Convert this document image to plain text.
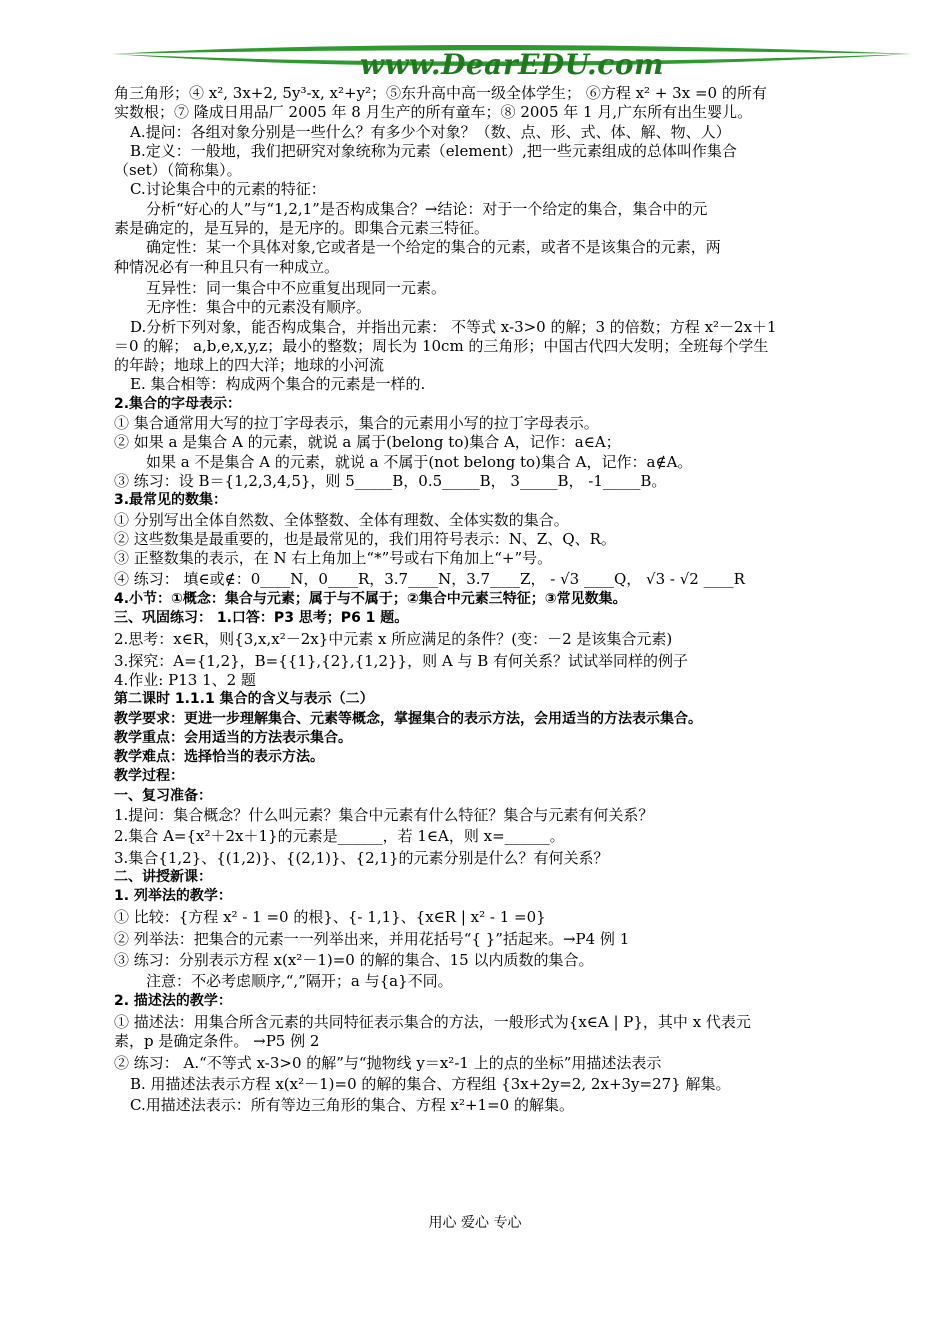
www.DearEDU.com
角三角形；④ x², 3x+2, 5y³-x, x²+y²；⑤东升高中高一级全体学生； ⑥方程 x² + 3x =0 的所有
实数根；⑦ 隆成日用品厂 2005 年 8 月生产的所有童车；⑧ 2005 年 1 月,广东所有出生婴儿。
A.提问：各组对象分别是一些什么？有多少个对象？（数、点、形、式、体、解、物、人）
B.定义：一般地，我们把研究对象统称为元素（element）,把一些元素组成的总体叫作集合
（set）（简称集）。
C.讨论集合中的元素的特征：
分析“好心的人”与“1,2,1”是否构成集合？→结论：对于一个给定的集合，集合中的元
素是确定的，是互异的，是无序的。即集合元素三特征。
确定性：某一个具体对象,它或者是一个给定的集合的元素，或者不是该集合的元素，两
种情况必有一种且只有一种成立。
互异性：同一集合中不应重复出现同一元素。
无序性：集合中的元素没有顺序。
D.分析下列对象，能否构成集合，并指出元素： 不等式 x-3>0 的解；3 的倍数；方程 x²－2x＋1
＝0 的解； a,b,e,x,y,z；最小的整数；周长为 10cm 的三角形；中国古代四大发明；全班每个学生
的年龄；地球上的四大洋；地球的小河流
E. 集合相等：构成两个集合的元素是一样的.
2.集合的字母表示：
① 集合通常用大写的拉丁字母表示，集合的元素用小写的拉丁字母表示。
② 如果 a 是集合 A 的元素，就说 a 属于(belong to)集合 A，记作：a∈A；
如果 a 不是集合 A 的元素，就说 a 不属于(not belong to)集合 A，记作：a∉A。
③ 练习：设 B＝{1,2,3,4,5}，则 5_____B，0.5_____B， 3_____B， -1_____B。
3.最常见的数集：
① 分别写出全体自然数、全体整数、全体有理数、全体实数的集合。
② 这些数集是最重要的，也是最常见的，我们用符号表示：N、Z、Q、R。
③ 正整数集的表示，在 N 右上角加上“*”号或右下角加上“+”号。
④ 练习： 填∈或∉：0____N，0____R，3.7____N，3.7____Z， - √3 ____Q， √3 - √2 ____R
4.小节：①概念：集合与元素；属于与不属于；②集合中元素三特征；③常见数集。
三、巩固练习： 1.口答：P3 思考；P6 1 题。
2.思考：x∈R，则{3,x,x²－2x}中元素 x 所应满足的条件？(变：－2 是该集合元素)
3.探究：A={1,2}，B={{1},{2},{1,2}}，则 A 与 B 有何关系？试试举同样的例子
4.作业: P13 1、2 题
第二课时 1.1.1 集合的含义与表示（二）
教学要求：更进一步理解集合、元素等概念，掌握集合的表示方法，会用适当的方法表示集合。
教学重点：会用适当的方法表示集合。
教学难点：选择恰当的表示方法。
教学过程：
一、复习准备：
1.提问：集合概念？什么叫元素？集合中元素有什么特征？集合与元素有何关系？
2.集合 A={x²＋2x＋1}的元素是______，若 1∈A，则 x=______。
3.集合{1,2}、{(1,2)}、{(2,1)}、{2,1}的元素分别是什么？有何关系？
二、讲授新课：
1. 列举法的教学：
① 比较：{方程 x² - 1 =0 的根}、{- 1,1}、{x∈R | x² - 1 =0}
② 列举法：把集合的元素一一列举出来，并用花括号“{ }”括起来。→P4 例 1
③ 练习：分别表示方程 x(x²－1)=0 的解的集合、15 以内质数的集合。
注意：不必考虑顺序,“,”隔开；a 与{a}不同。
2. 描述法的教学：
① 描述法：用集合所含元素的共同特征表示集合的方法，一般形式为{x∈A | P}，其中 x 代表元
素，p 是确定条件。 →P5 例 2
② 练习： A.“不等式 x-3>0 的解”与“抛物线 y＝x²-1 上的点的坐标”用描述法表示
B. 用描述法表示方程 x(x²－1)=0 的解的集合、方程组 {3x+2y=2, 2x+3y=27} 解集。
C.用描述法表示：所有等边三角形的集合、方程 x²+1=0 的解集。
用心 爱心 专心
